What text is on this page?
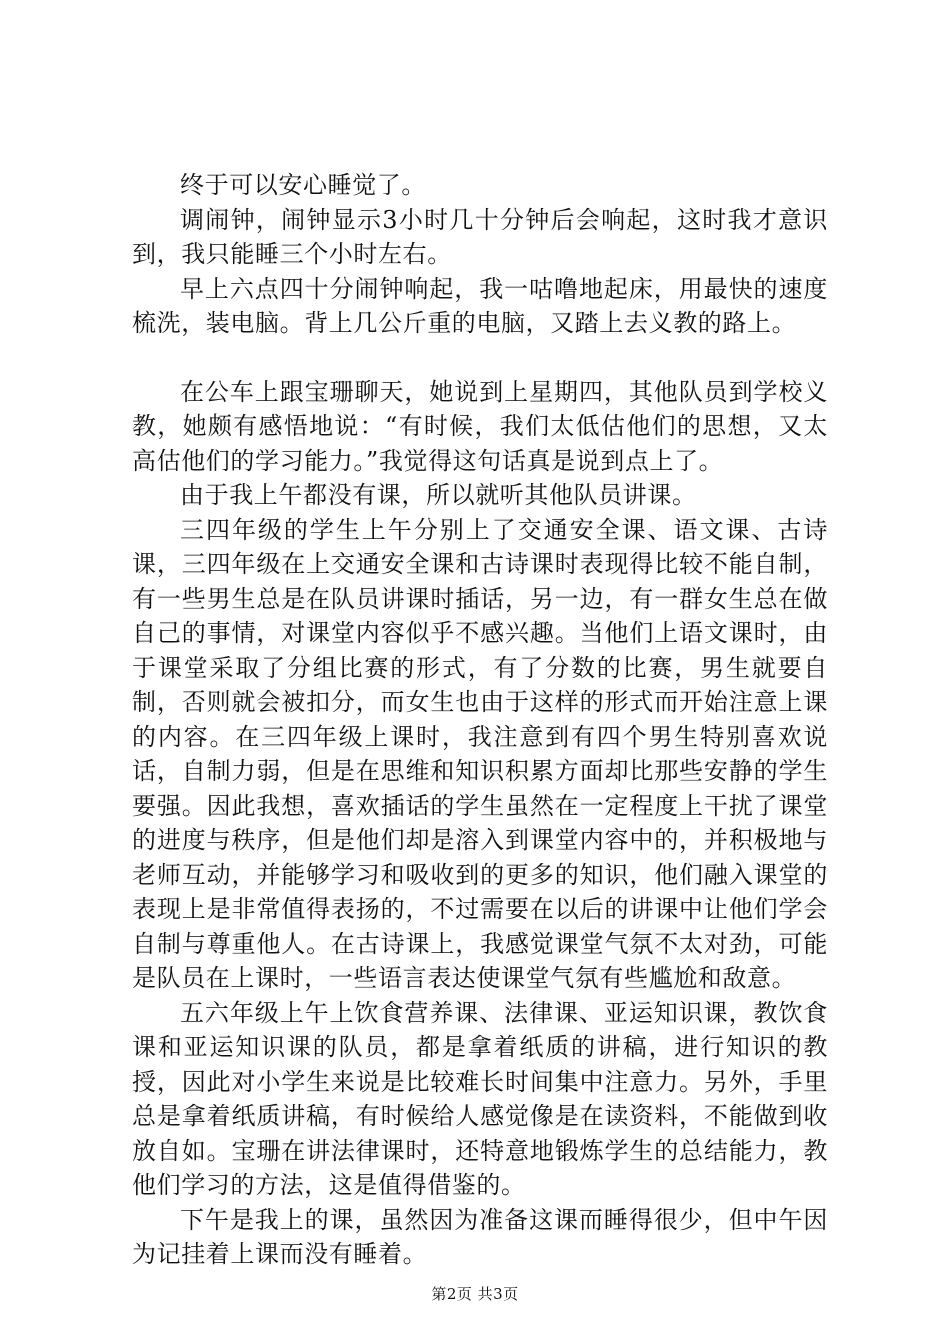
终于可以安心睡觉了。

调闹钟，闹钟显示3小时几十分钟后会响起，这时我才意识到，我只能睡三个小时左右。

早上六点四十分闹钟响起，我一咕噜地起床，用最快的速度梳洗，装电脑。背上几公斤重的电脑，又踏上去义教的路上。

在公车上跟宝珊聊天，她说到上星期四，其他队员到学校义教，她颇有感悟地说：“有时候，我们太低估他们的思想，又太高估他们的学习能力。”我觉得这句话真是说到点上了。

由于我上午都没有课，所以就听其他队员讲课。

三四年级的学生上午分别上了交通安全课、语文课、古诗课，三四年级在上交通安全课和古诗课时表现得比较不能自制，有一些男生总是在队员讲课时插话，另一边，有一群女生总在做自己的事情，对课堂内容似乎不感兴趣。当他们上语文课时，由于课堂采取了分组比赛的形式，有了分数的比赛，男生就要自制，否则就会被扣分，而女生也由于这样的形式而开始注意上课的内容。在三四年级上课时，我注意到有四个男生特别喜欢说话，自制力弱，但是在思维和知识积累方面却比那些安静的学生要强。因此我想，喜欢插话的学生虽然在一定程度上干扰了课堂的进度与秩序，但是他们却是溶入到课堂内容中的，并积极地与老师互动，并能够学习和吸收到的更多的知识，他们融入课堂的表现上是非常值得表扬的，不过需要在以后的讲课中让他们学会自制与尊重他人。在古诗课上，我感觉课堂气氛不太对劲，可能是队员在上课时，一些语言表达使课堂气氛有些尴尬和敌意。

五六年级上午上饮食营养课、法律课、亚运知识课，教饮食课和亚运知识课的队员，都是拿着纸质的讲稿，进行知识的教授，因此对小学生来说是比较难长时间集中注意力。另外，手里总是拿着纸质讲稿，有时候给人感觉像是在读资料，不能做到收放自如。宝珊在讲法律课时，还特意地锻炼学生的总结能力，教他们学习的方法，这是值得借鉴的。

下午是我上的课，虽然因为准备这课而睡得很少，但中午因为记挂着上课而没有睡着。

第2页 共3页
